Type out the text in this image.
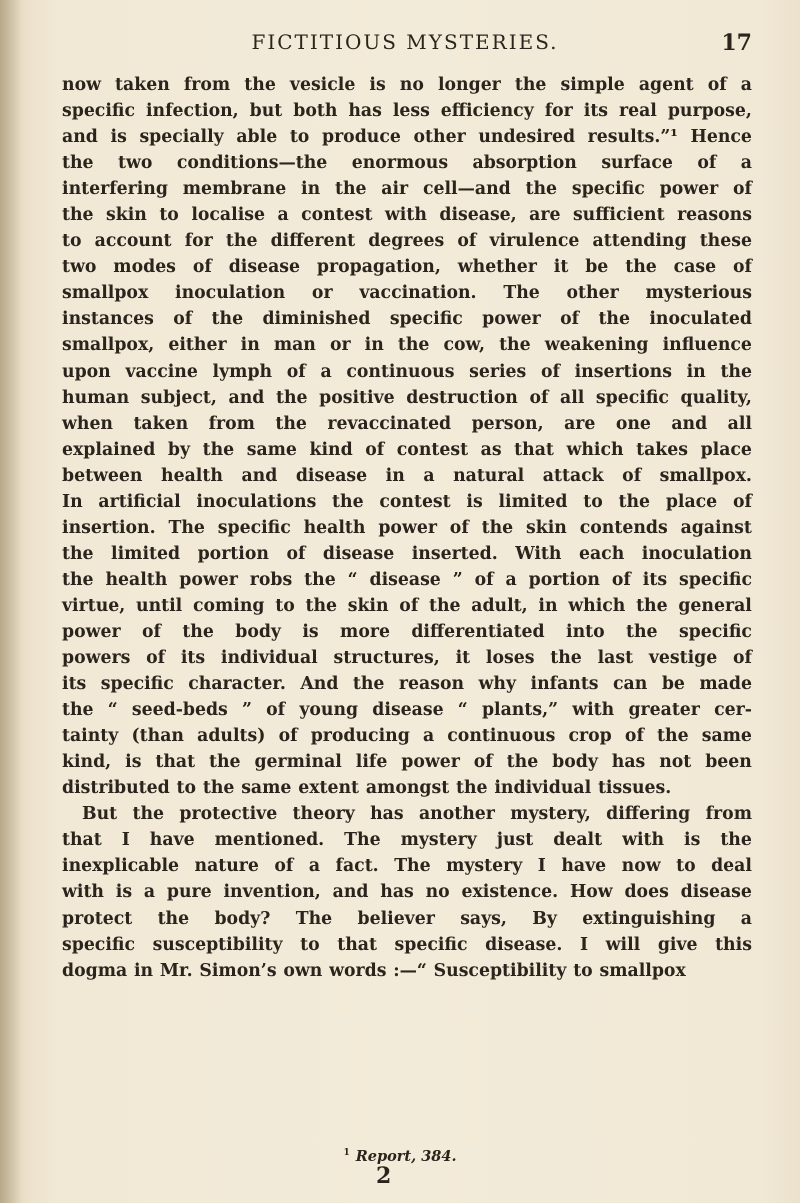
FICTITIOUS MYSTERIES.	17
now taken from the vesicle is no longer the simple agent of a
specific infection, but both has less efficiency for its real purpose,
and is specially able to produce other undesired results.”¹ Hence
the two conditions—the enormous absorption surface of a
interfering membrane in the air cell—and the specific power of
the skin to localise a contest with disease, are sufficient reasons
to account for the different degrees of virulence attending these
two modes of disease propagation, whether it be the case of
smallpox inoculation or vaccination. The other mysterious
instances of the diminished specific power of the inoculated
smallpox, either in man or in the cow, the weakening influence
upon vaccine lymph of a continuous series of insertions in the
human subject, and the positive destruction of all specific quality,
when taken from the revaccinated person, are one and all
explained by the same kind of contest as that which takes place
between health and disease in a natural attack of smallpox.
In artificial inoculations the contest is limited to the place of
insertion. The specific health power of the skin contends against
the limited portion of disease inserted. With each inoculation
the health power robs the “ disease ” of a portion of its specific
virtue, until coming to the skin of the adult, in which the general
power of the body is more differentiated into the specific
powers of its individual structures, it loses the last vestige of
its specific character. And the reason why infants can be made
the “ seed-beds ” of young disease “ plants,” with greater cer-
tainty (than adults) of producing a continuous crop of the same
kind, is that the germinal life power of the body has not been
distributed to the same extent amongst the individual tissues.
But the protective theory has another mystery, differing from
that I have mentioned. The mystery just dealt with is the
inexplicable nature of a fact. The mystery I have now to deal
with is a pure invention, and has no existence. How does disease
protect the body? The believer says, By extinguishing a
specific susceptibility to that specific disease. I will give this
dogma in Mr. Simon’s own words :—“ Susceptibility to smallpox
$^1$ Report, 384.
2
